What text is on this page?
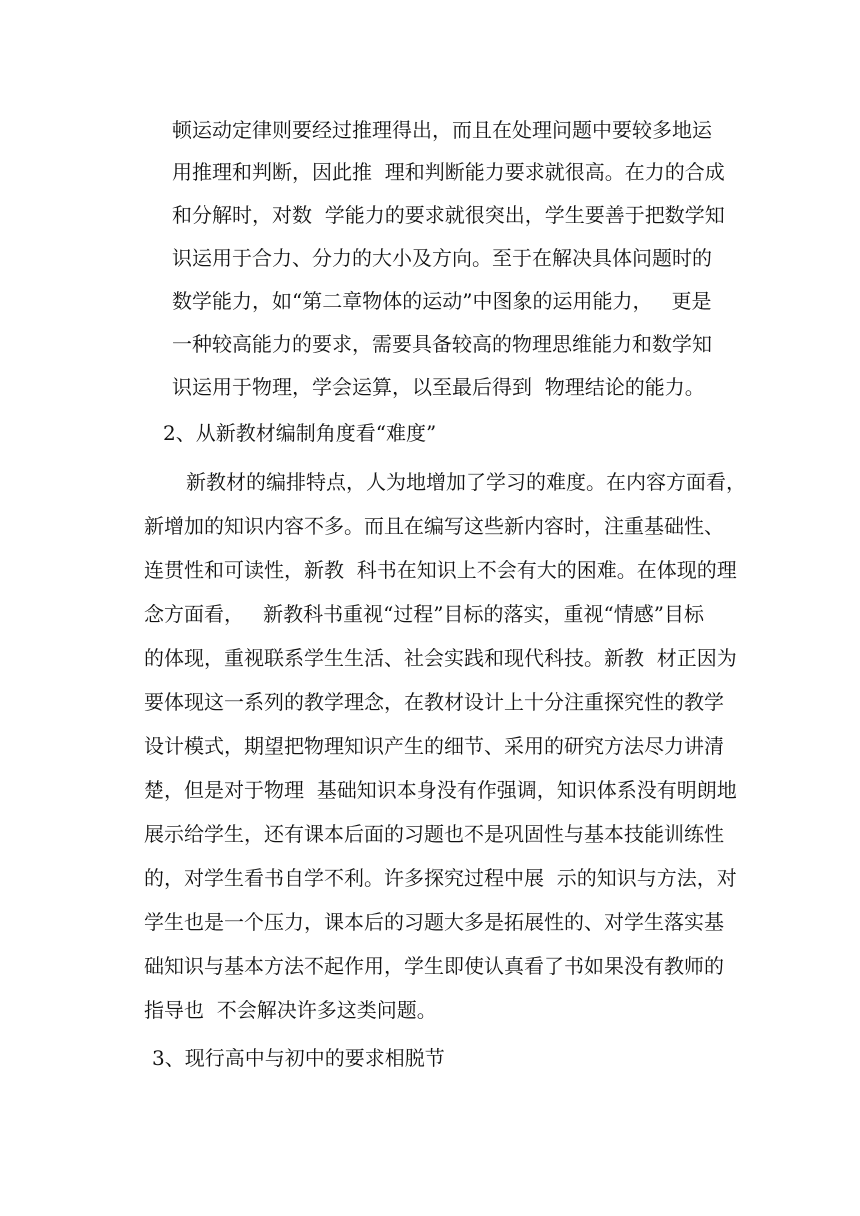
顿运动定律则要经过推理得出，而且在处理问题中要较多地运
用推理和判断，因此推  理和判断能力要求就很高。在力的合成
和分解时，对数  学能力的要求就很突出，学生要善于把数学知
识运用于合力、分力的大小及方向。至于在解决具体问题时的
数学能力，如“第二章物体的运动”中图象的运用能力，   更是
一种较高能力的要求，需要具备较高的物理思维能力和数学知
识运用于物理，学会运算，以至最后得到  物理结论的能力。
2、从新教材编制角度看“难度”
新教材的编排特点，人为地增加了学习的难度。在内容方面看，
新增加的知识内容不多。而且在编写这些新内容时，注重基础性、
连贯性和可读性，新教  科书在知识上不会有大的困难。在体现的理
念方面看，   新教科书重视“过程”目标的落实，重视“情感”目标
的体现，重视联系学生生活、社会实践和现代科技。新教  材正因为
要体现这一系列的教学理念，在教材设计上十分注重探究性的教学
设计模式，期望把物理知识产生的细节、采用的研究方法尽力讲清
楚，但是对于物理  基础知识本身没有作强调，知识体系没有明朗地
展示给学生，还有课本后面的习题也不是巩固性与基本技能训练性
的，对学生看书自学不利。许多探究过程中展  示的知识与方法，对
学生也是一个压力，课本后的习题大多是拓展性的、对学生落实基
础知识与基本方法不起作用，学生即使认真看了书如果没有教师的
指导也  不会解决许多这类问题。
3、现行高中与初中的要求相脱节
